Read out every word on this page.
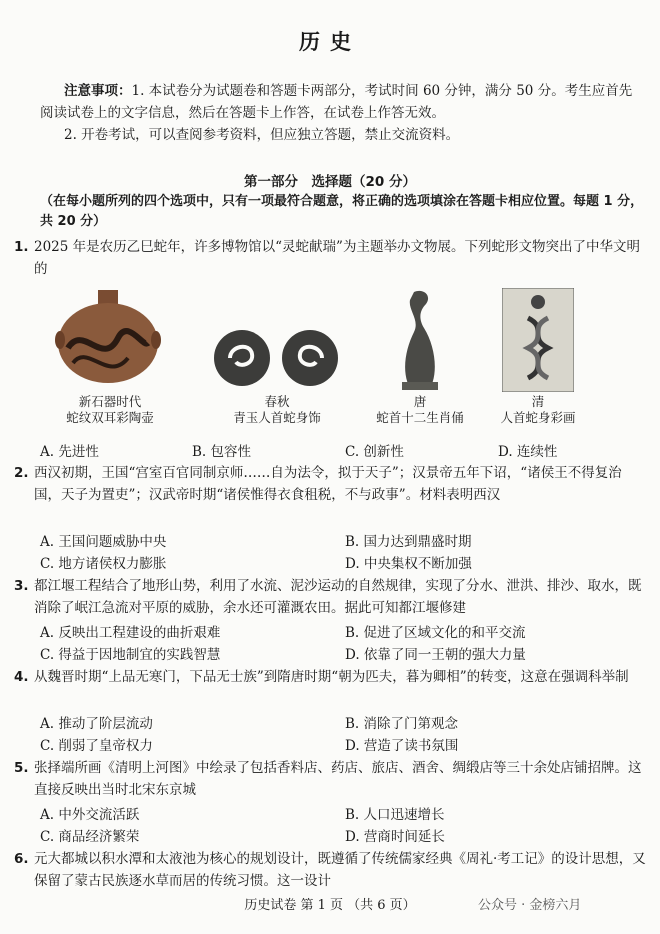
历史
注意事项：1. 本试卷分为试题卷和答题卡两部分，考试时间 60 分钟，满分 50 分。考生应首先阅读试卷上的文字信息，然后在答题卡上作答，在试卷上作答无效。
2. 开卷考试，可以查阅参考资料，但应独立答题，禁止交流资料。
第一部分　选择题（20 分）
（在每小题所列的四个选项中，只有一项最符合题意，将正确的选项填涂在答题卡相应位置。每题 1 分，共 20 分）
1. 2025 年是农历乙巳蛇年，许多博物馆以“灵蛇献瑞”为主题举办文物展。下列蛇形文物突出了中华文明的
新石器时代
蛇纹双耳彩陶壶
春秋
青玉人首蛇身饰
唐
蛇首十二生肖俑
清
人首蛇身彩画
A. 先进性	B. 包容性	C. 创新性	D. 连续性
2. 西汉初期，王国“宫室百官同制京师……自为法令，拟于天子”；汉景帝五年下诏，“诸侯王不得复治国，天子为置吏”；汉武帝时期“诸侯惟得衣食租税，不与政事”。材料表明西汉
A. 王国问题威胁中央	B. 国力达到鼎盛时期
C. 地方诸侯权力膨胀	D. 中央集权不断加强
3. 都江堰工程结合了地形山势，利用了水流、泥沙运动的自然规律，实现了分水、泄洪、排沙、取水，既消除了岷江急流对平原的威胁，余水还可灌溉农田。据此可知都江堰修建
A. 反映出工程建设的曲折艰难	B. 促进了区域文化的和平交流
C. 得益于因地制宜的实践智慧	D. 依靠了同一王朝的强大力量
4. 从魏晋时期“上品无寒门，下品无士族”到隋唐时期“朝为匹夫，暮为卿相”的转变，这意在强调科举制
A. 推动了阶层流动	B. 消除了门第观念
C. 削弱了皇帝权力	D. 营造了读书氛围
5. 张择端所画《清明上河图》中绘录了包括香料店、药店、旅店、酒舍、绸缎店等三十余处店铺招牌。这直接反映出当时北宋东京城
A. 中外交流活跃	B. 人口迅速增长
C. 商品经济繁荣	D. 营商时间延长
6. 元大都城以积水潭和太液池为核心的规划设计，既遵循了传统儒家经典《周礼·考工记》的设计思想，又保留了蒙古民族逐水草而居的传统习惯。这一设计
历史试卷 第 1 页 （共 6 页）	公众号 · 金榜六月
